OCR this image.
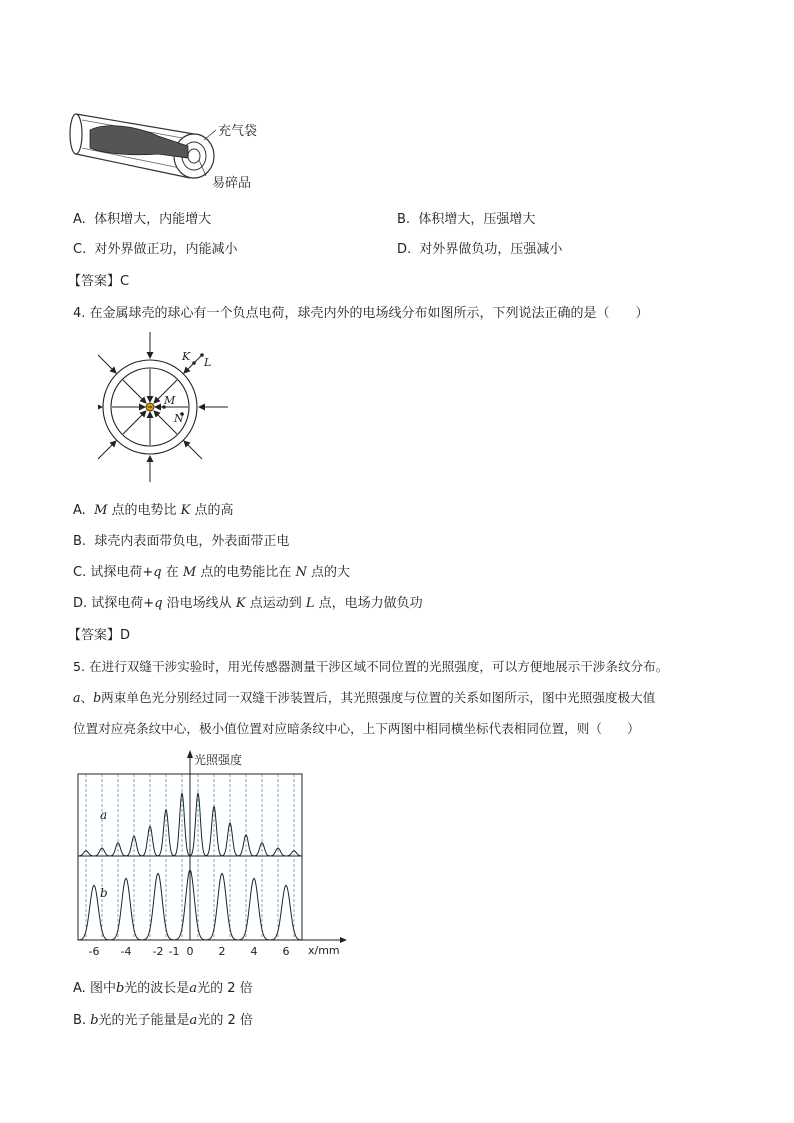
充气袋
易碎品
A. 体积增大，内能增大	B. 体积增大，压强增大
C. 对外界做正功，内能减小	D. 对外界做负功，压强减小
【答案】C
4. 在金属球壳的球心有一个负点电荷，球壳内外的电场线分布如图所示，下列说法正确的是（　　）
K L
M
N
A. M 点的电势比 K 点的高
B. 球壳内表面带负电，外表面带正电
C. 试探电荷+q 在 M 点的电势能比在 N 点的大
D. 试探电荷+q 沿电场线从 K 点运动到 L 点，电场力做负功
【答案】D
5. 在进行双缝干涉实验时，用光传感器测量干涉区域不同位置的光照强度，可以方便地展示干涉条纹分布。
a、b两束单色光分别经过同一双缝干涉装置后，其光照强度与位置的关系如图所示，图中光照强度极大值
位置对应亮条纹中心，极小值位置对应暗条纹中心，上下两图中相同横坐标代表相同位置，则（　　）
-6 -4 -2 -1 0 2 4 6
光照强度
x/mm
a
b
A. 图中b光的波长是a光的 2 倍
B. b光的光子能量是a光的 2 倍
